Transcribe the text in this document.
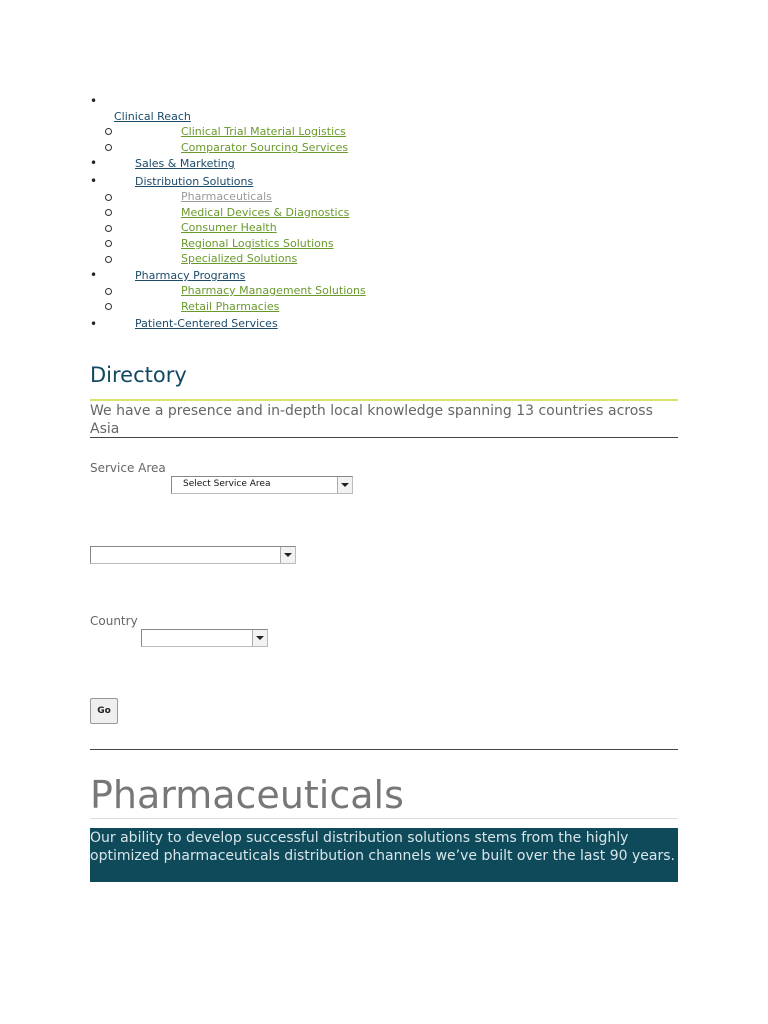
•
Clinical Reach
Clinical Trial Material Logistics
Comparator Sourcing Services
•	Sales & Marketing
•	Distribution Solutions
Pharmaceuticals
Medical Devices & Diagnostics
Consumer Health
Regional Logistics Solutions
Specialized Solutions
•	Pharmacy Programs
Pharmacy Management Solutions
Retail Pharmacies
•	Patient-Centered Services
Directory
We have a presence and in-depth local knowledge spanning 13 countries across Asia
Service Area
Select Service Area
Country
Go
Pharmaceuticals
Our ability to develop successful distribution solutions stems from the highly optimized pharmaceuticals distribution channels we’ve built over the last 90 years.
